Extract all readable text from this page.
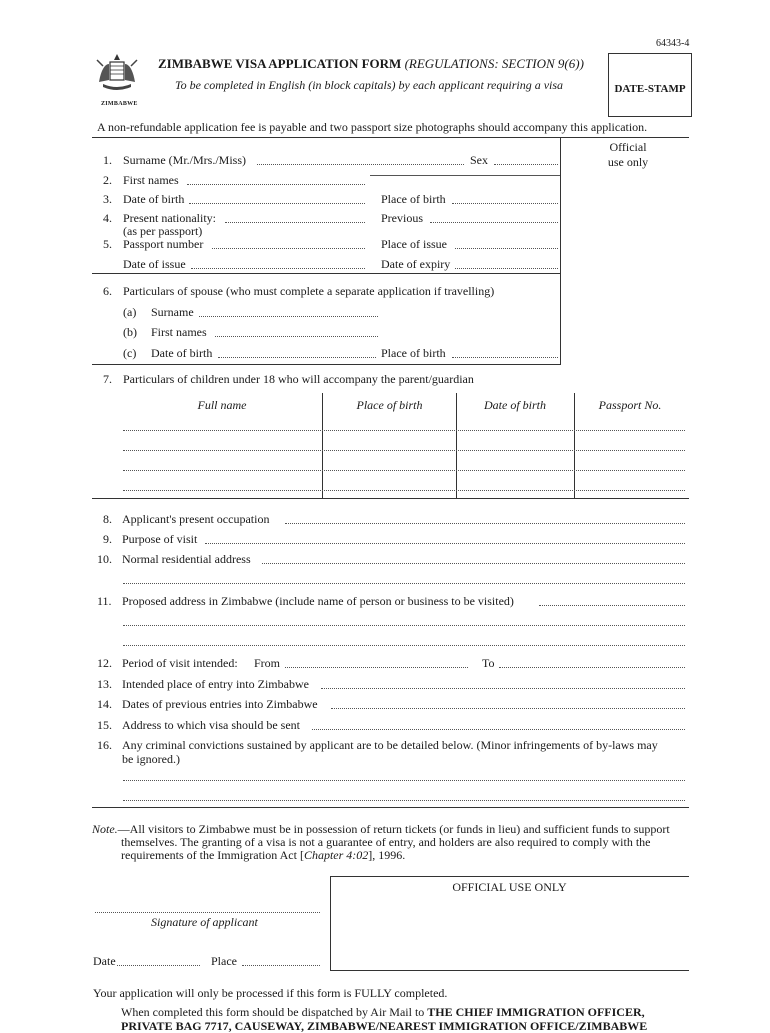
64343-4
ZIMBABWE
ZIMBABWE VISA APPLICATION FORM (REGULATIONS: SECTION 9(6))
To be completed in English (in block capitals) by each applicant requiring a visa	DATE-STAMP
A non-refundable application fee is payable and two passport size photographs should accompany this application.
Official
use only
1. Surname (Mr./Mrs./Miss)	Sex
2. First names
3. Date of birth	Place of birth
4. Present nationality:	Previous
(as per passport)
5. Passport number	Place of issue
Date of issue	Date of expiry
6. Particulars of spouse (who must complete a separate application if travelling)
(a) Surname
(b) First names
(c) Date of birth	Place of birth
7. Particulars of children under 18 who will accompany the parent/guardian
Full name	Place of birth	Date of birth	Passport No.
8. Applicant's present occupation
9. Purpose of visit
10. Normal residential address
11. Proposed address in Zimbabwe (include name of person or business to be visited)
12. Period of visit intended: From	To
13. Intended place of entry into Zimbabwe
14. Dates of previous entries into Zimbabwe
15. Address to which visa should be sent
16. Any criminal convictions sustained by applicant are to be detailed below. (Minor infringements of by-laws may
be ignored.)
Note.—All visitors to Zimbabwe must be in possession of return tickets (or funds in lieu) and sufficient funds to support
themselves. The granting of a visa is not a guarantee of entry, and holders are also required to comply with the
requirements of the Immigration Act [Chapter 4:02], 1996.
OFFICIAL USE ONLY
Signature of applicant
Date	Place
Your application will only be processed if this form is FULLY completed.
When completed this form should be dispatched by Air Mail to THE CHIEF IMMIGRATION OFFICER,
PRIVATE BAG 7717, CAUSEWAY, ZIMBABWE/NEAREST IMMIGRATION OFFICE/ZIMBABWE
